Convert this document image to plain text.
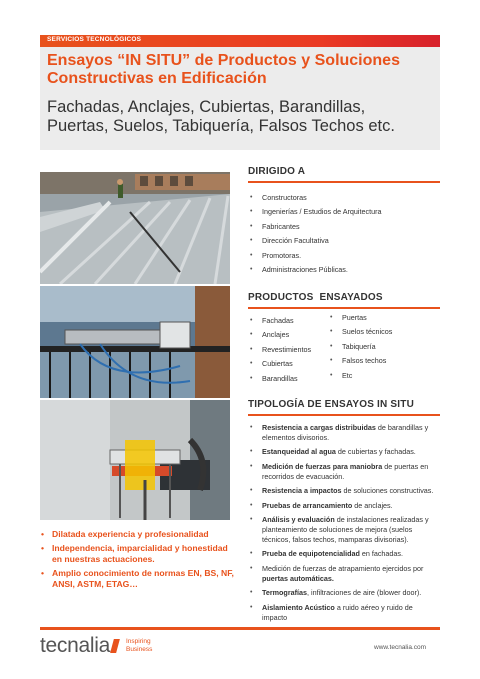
SERVICIOS TECNOLÓGICOS
Ensayos “IN SITU” de Productos y Soluciones
Constructivas en Edificación
Fachadas, Anclajes, Cubiertas, Barandillas,
Puertas, Suelos, Tabiquería, Falsos Techos etc.
DIRIGIDO A
• Constructoras
• Ingenierías / Estudios de Arquitectura
• Fabricantes
• Dirección Facultativa
• Promotoras.
• Administraciones Públicas.
PRODUCTOS  ENSAYADOS
• Fachadas
• Anclajes
• Revestimientos
• Cubiertas
• Barandillas
• Puertas
• Suelos técnicos
• Tabiquería
• Falsos techos
• Etc
TIPOLOGÍA DE ENSAYOS IN SITU
• Resistencia a cargas distribuidas de barandillas y elementos divisorios.
• Estanqueidad al agua de cubiertas y fachadas.
• Medición de fuerzas para maniobra de puertas en recorridos de evacuación.
• Resistencia a impactos de soluciones constructivas.
• Pruebas de arrancamiento de anclajes.
• Análisis y evaluación de instalaciones realizadas y planteamiento de soluciones de mejora (suelos técnicos, falsos techos, mamparas divisorias).
• Prueba de equipotencialidad en fachadas.
• Medición de fuerzas de atrapamiento ejercidos por puertas automáticas.
• Termografías, infiltraciones de aire (blower door).
• Aislamiento Acústico a ruido aéreo y ruido de impacto
• Dilatada experiencia y profesionalidad
• Independencia, imparcialidad y honestidad en nuestras actuaciones.
• Amplio conocimiento de normas EN, BS, NF, ANSI, ASTM, ETAG…
tecnalia Inspiring
Business	www.tecnalia.com
